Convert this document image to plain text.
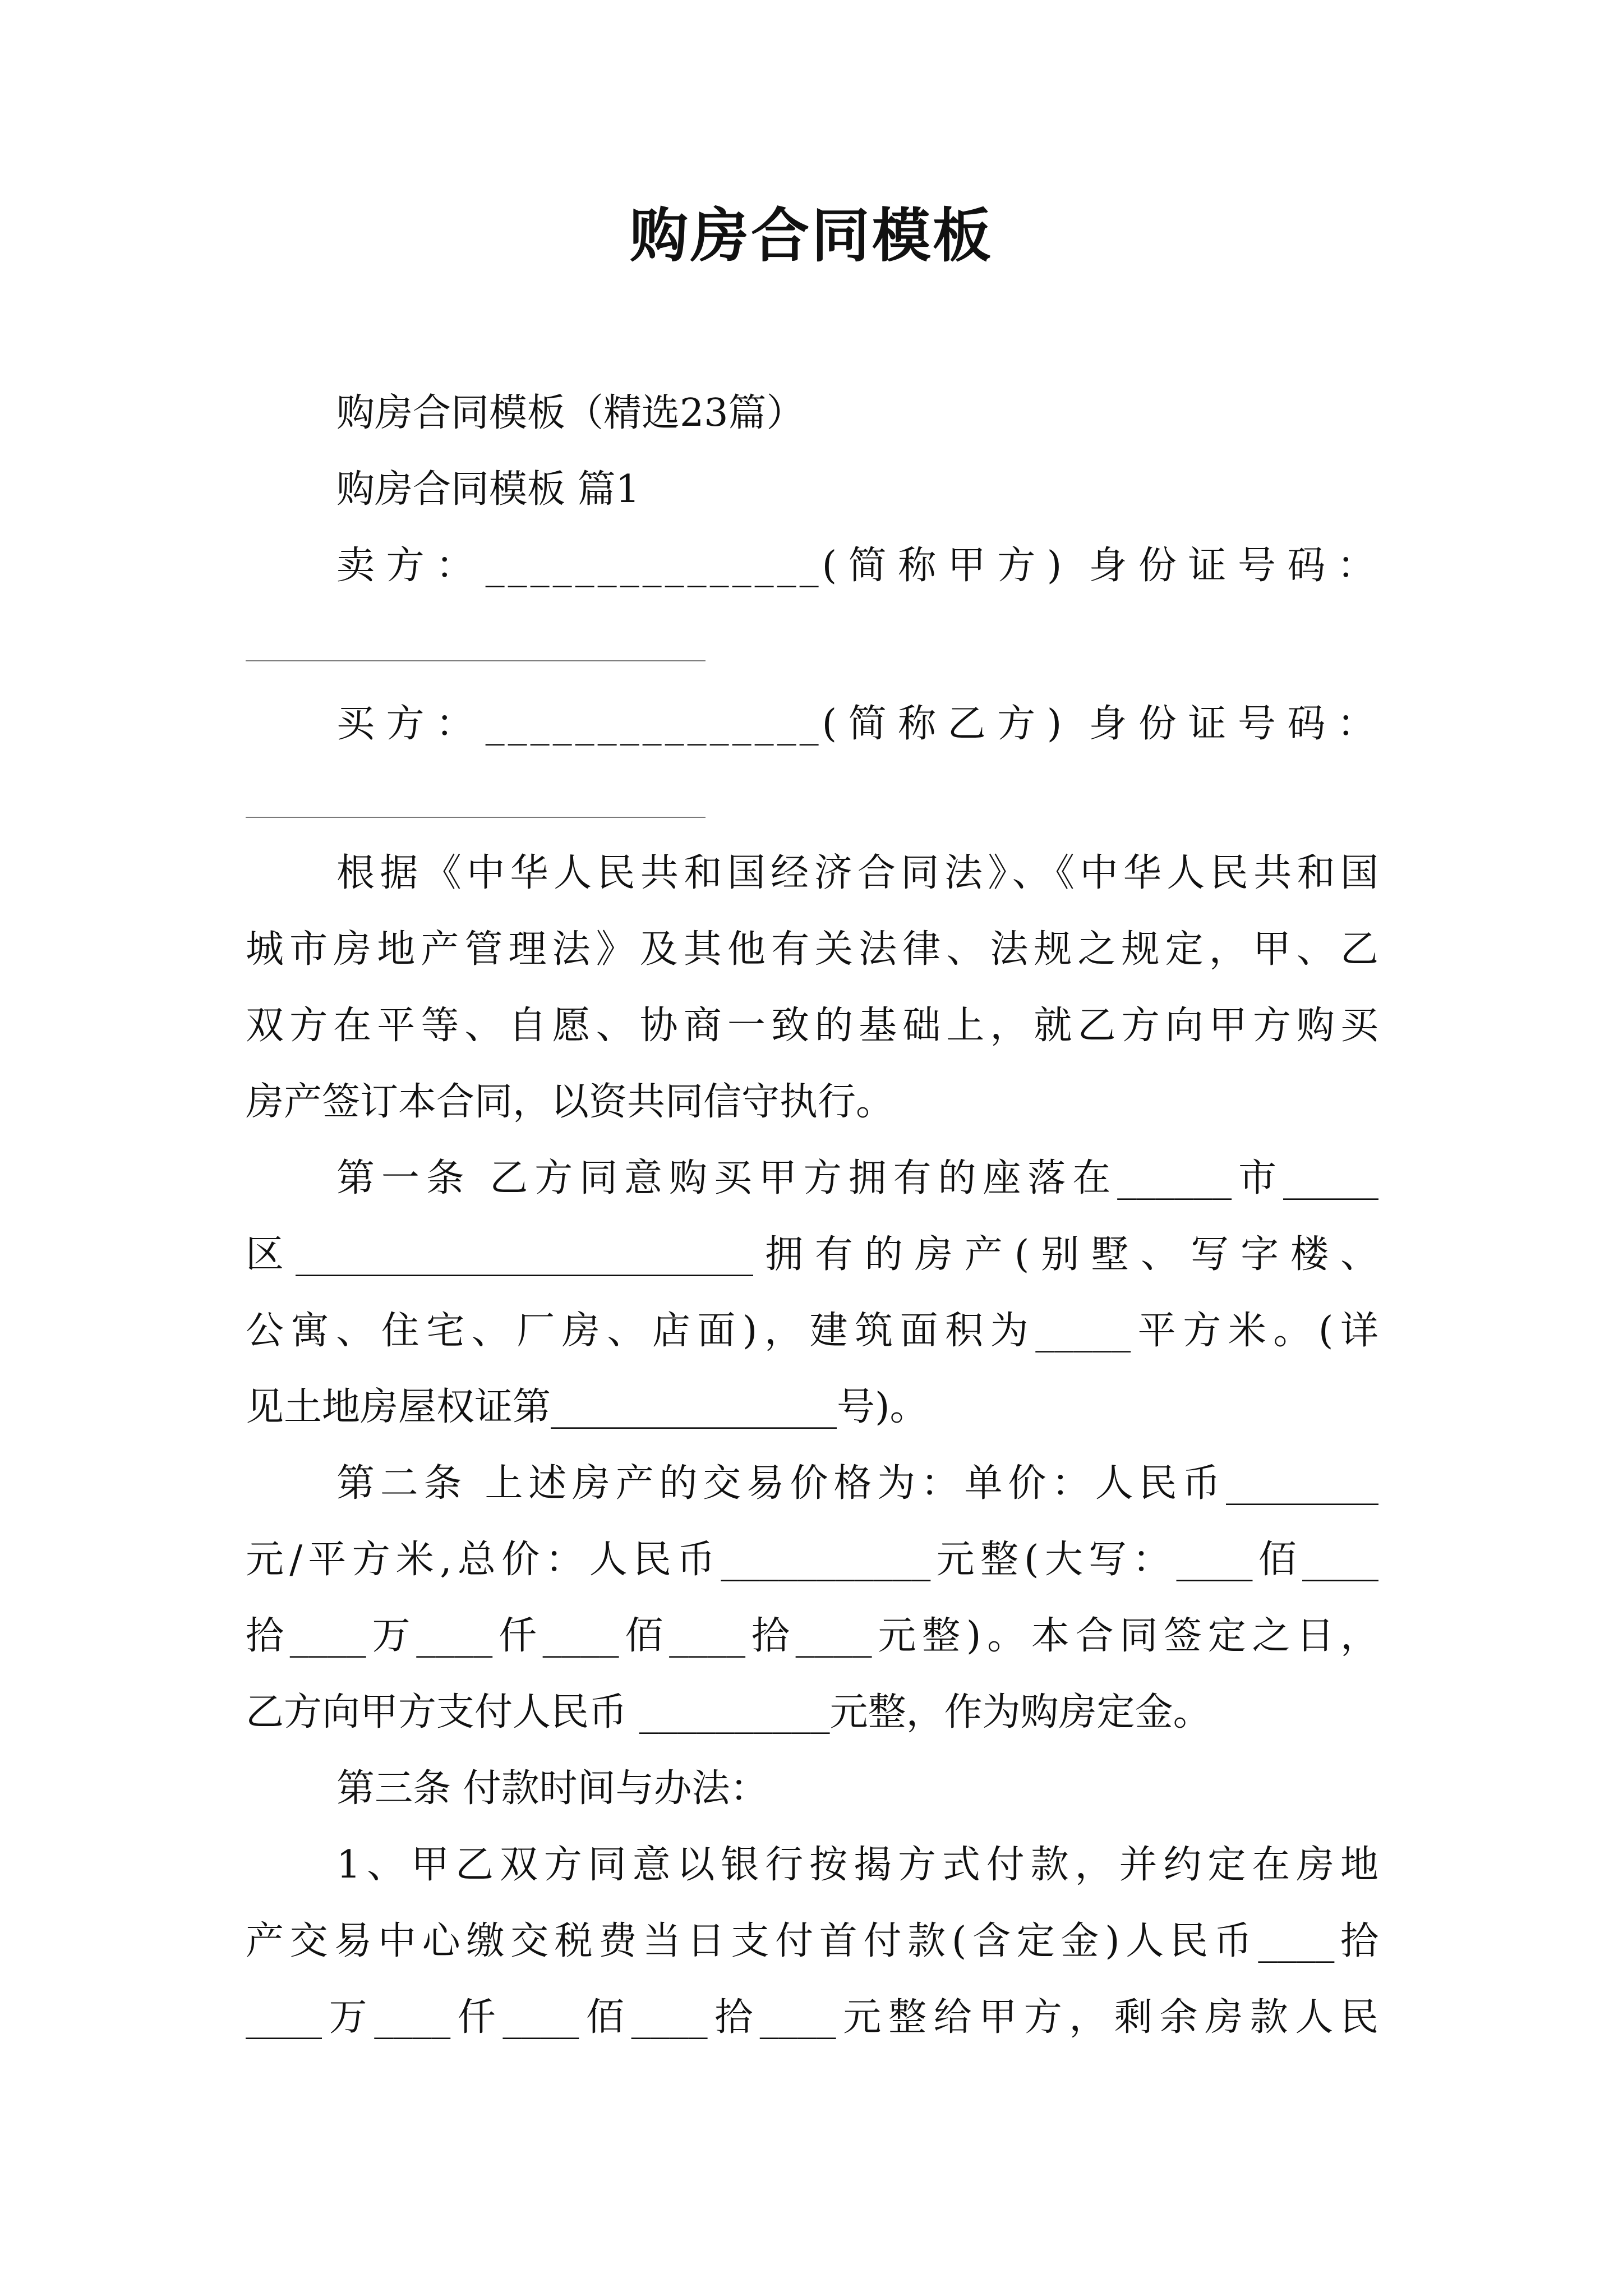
购房合同模板
购房合同模板（精选23篇）
购房合同模板 篇1
卖方：_______________(简称甲方) 身份证号码：
买方：_______________(简称乙方) 身份证号码：
根据《中华人民共和国经济合同法》、《中华人民共和国
城市房地产管理法》及其他有关法律、法规之规定，甲、乙
双方在平等、自愿、协商一致的基础上，就乙方向甲方购买
房产签订本合同，以资共同信守执行。
第一条 乙方同意购买甲方拥有的座落在______市_____
区________________________拥有的房产(别墅、写字楼、
公寓、住宅、厂房、店面)，建筑面积为_____平方米。(详
见土地房屋权证第_______________号)。
第二条 上述房产的交易价格为：单价：人民币________
元/平方米,总价：人民币___________元整(大写：____佰____
拾____万____仟____佰____拾____元整)。本合同签定之日，
乙方向甲方支付人民币 __________元整，作为购房定金。
第三条 付款时间与办法：
1、甲乙双方同意以银行按揭方式付款，并约定在房地
产交易中心缴交税费当日支付首付款(含定金)人民币____拾
____万____仟____佰____拾____元整给甲方，剩余房款人民
